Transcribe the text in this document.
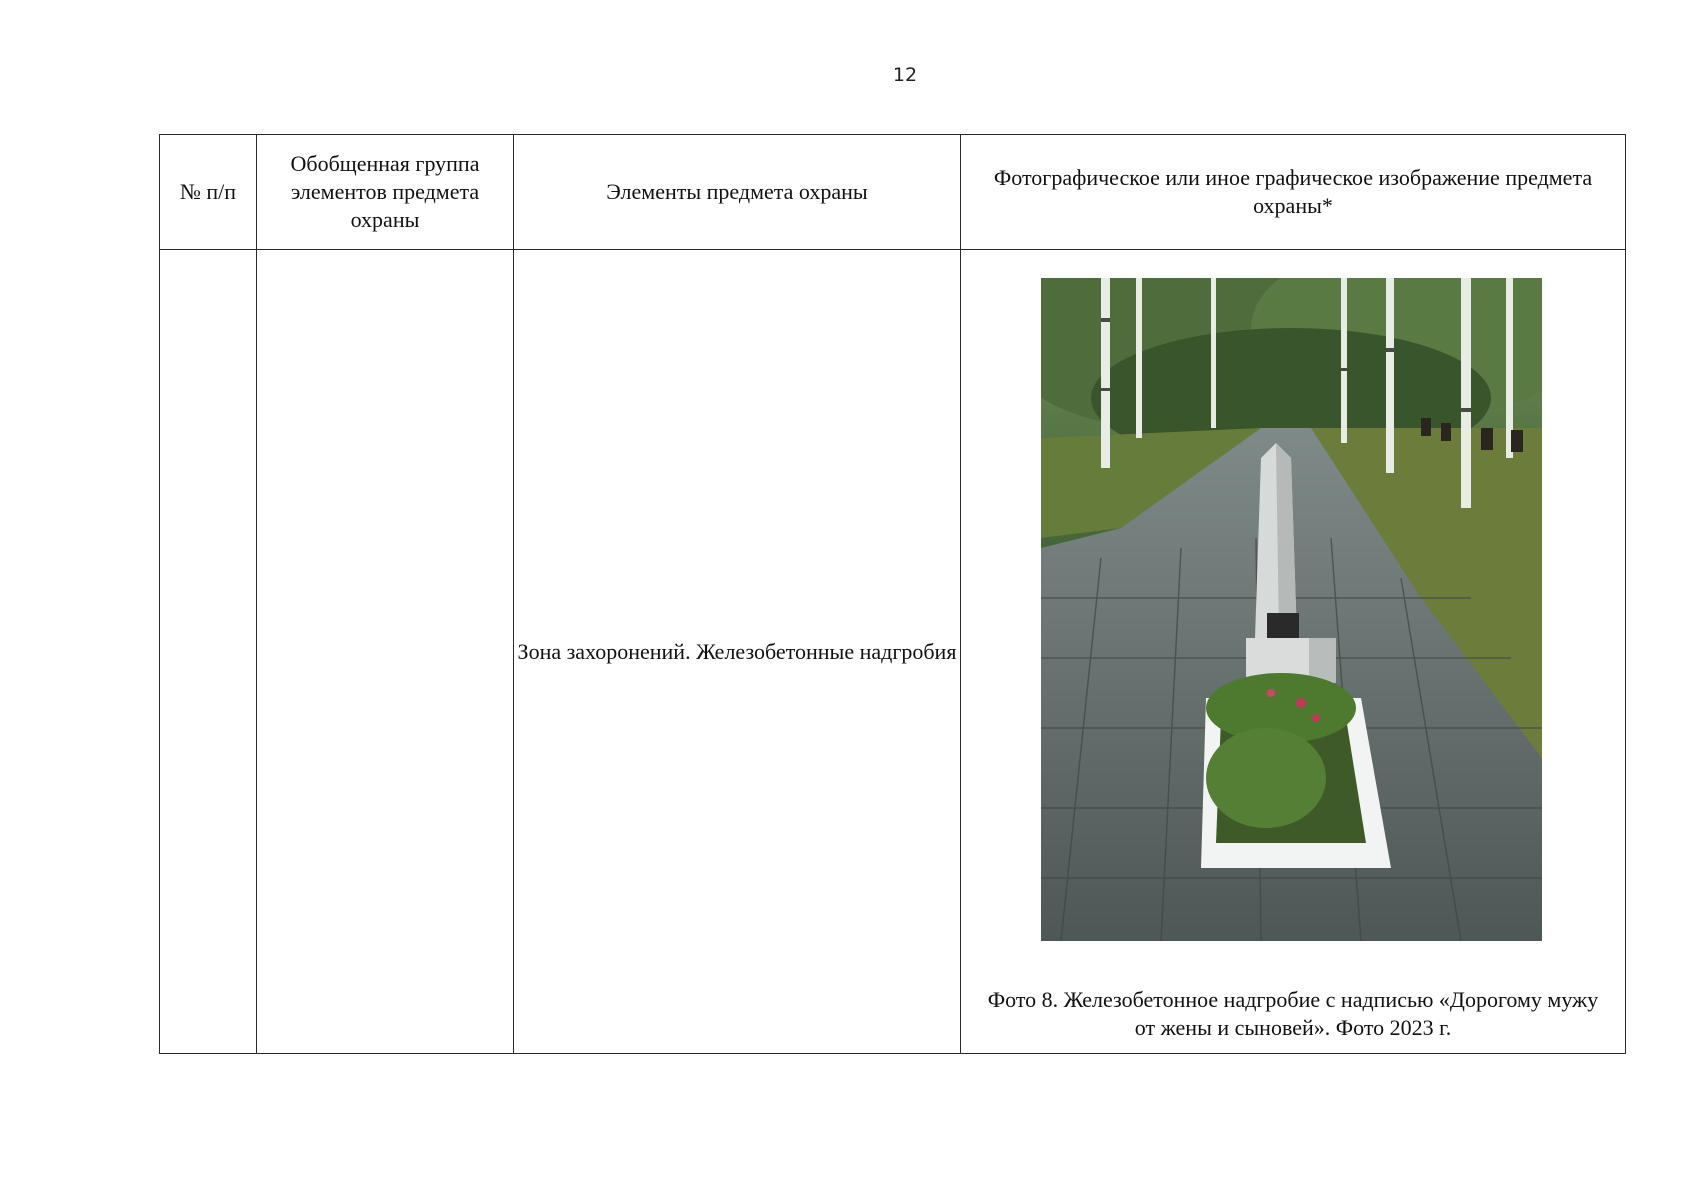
12
№ п/п	Обобщенная группа элементов предмета охраны	Элементы предмета охраны	Фотографическое или иное графическое изображение предмета охраны*
		Зона захоронений. Железобетонные надгробия	Фото 8. Железобетонное надгробие с надписью «Дорогому мужу от жены и сыновей». Фото 2023 г.
